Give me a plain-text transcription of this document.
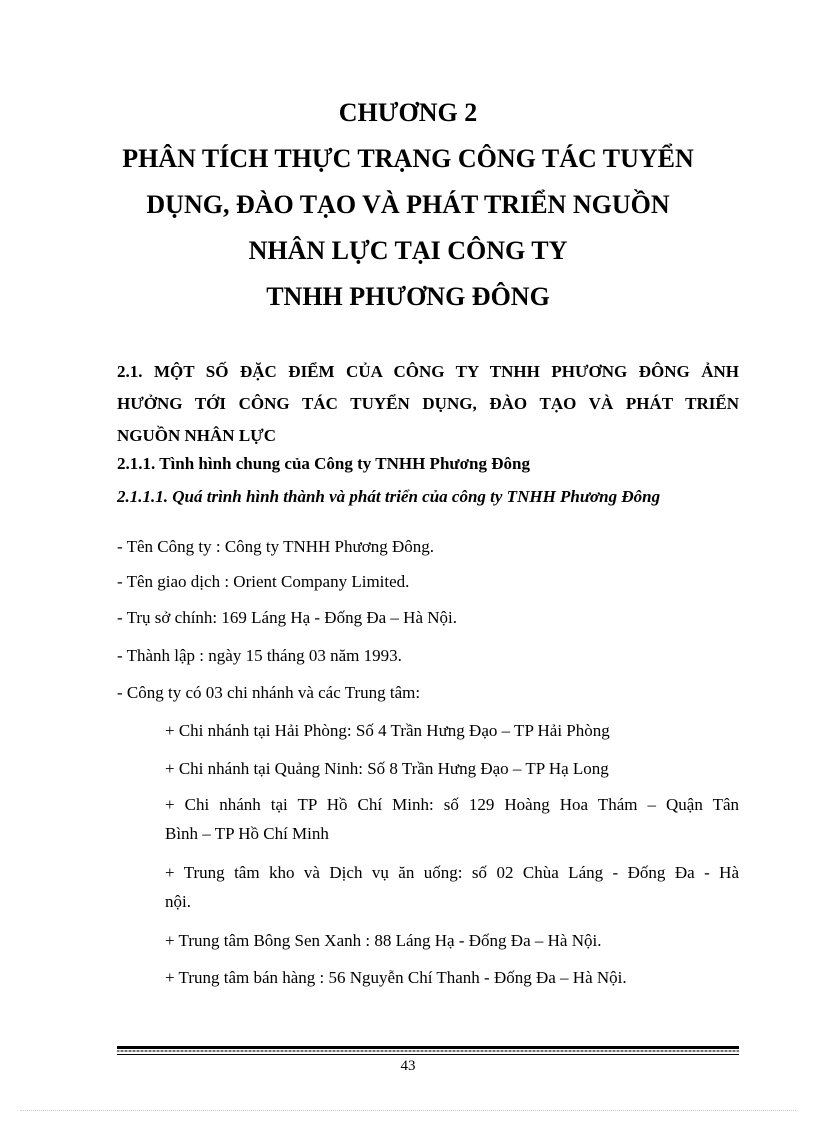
CHƯƠNG 2
PHÂN TÍCH THỰC TRẠNG CÔNG TÁC TUYỂN
DỤNG, ĐÀO TẠO VÀ PHÁT TRIỂN NGUỒN
NHÂN LỰC TẠI CÔNG TY
TNHH PHƯƠNG ĐÔNG
2.1. MỘT SỐ ĐẶC ĐIỂM CỦA CÔNG TY TNHH PHƯƠNG ĐÔNG ẢNH
HƯỞNG TỚI CÔNG TÁC TUYỂN DỤNG, ĐÀO TẠO VÀ PHÁT TRIỂN
NGUỒN NHÂN LỰC
2.1.1. Tình hình chung của Công ty TNHH Phương Đông
2.1.1.1. Quá trình hình thành và phát triển của công ty TNHH Phương Đông
- Tên Công ty : Công ty TNHH Phương Đông.
- Tên giao dịch : Orient Company Limited.
- Trụ sở chính: 169 Láng Hạ - Đống Đa – Hà Nội.
- Thành lập : ngày 15 tháng 03 năm 1993.
- Công ty có 03 chi nhánh và các Trung tâm:
+ Chi nhánh tại Hải Phòng: Số 4 Trần Hưng Đạo – TP Hải Phòng
+ Chi nhánh tại Quảng Ninh: Số 8 Trần Hưng Đạo – TP Hạ Long
+ Chi nhánh tại TP Hồ Chí Minh: số 129 Hoàng Hoa Thám – Quận Tân
Bình – TP Hồ Chí Minh
+ Trung tâm kho và Dịch vụ ăn uống: số 02 Chùa Láng - Đống Đa - Hà
nội.
+ Trung tâm Bông Sen Xanh : 88 Láng Hạ - Đống Đa – Hà Nội.
+ Trung tâm bán hàng : 56 Nguyễn Chí Thanh - Đống Đa – Hà Nội.
43
